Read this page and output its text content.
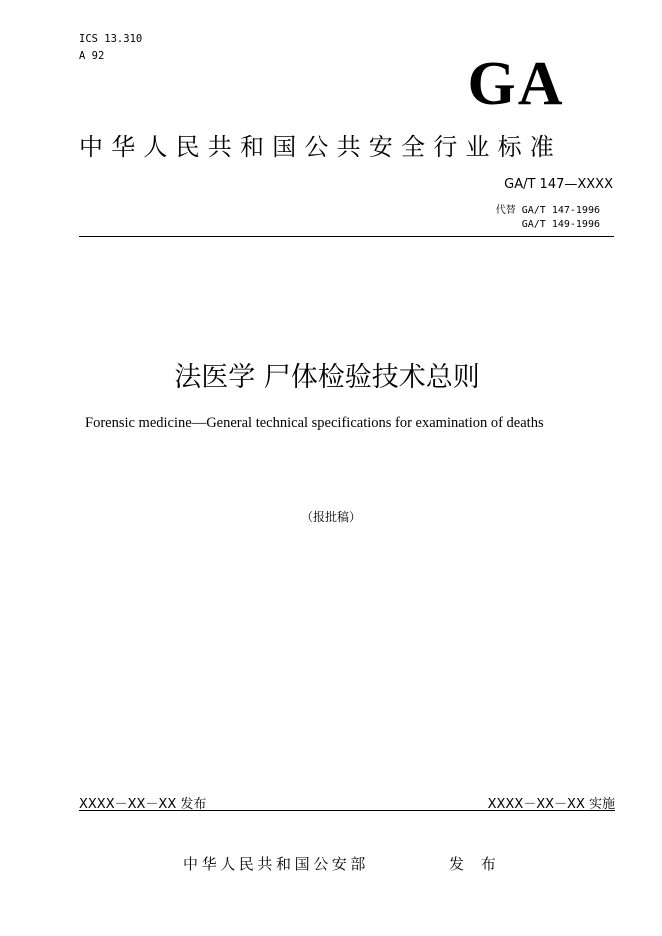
ICS 13.310
A 92	GA
中华人民共和国公共安全行业标准
GA/T 147—XXXX
代替 GA/T 147-1996
GA/T 149-1996
法医学 尸体检验技术总则
Forensic medicine—General technical specifications for examination of deaths
（报批稿）
XXXX－XX－XX 发布	XXXX－XX－XX 实施
中华人民共和国公安部	发 布
